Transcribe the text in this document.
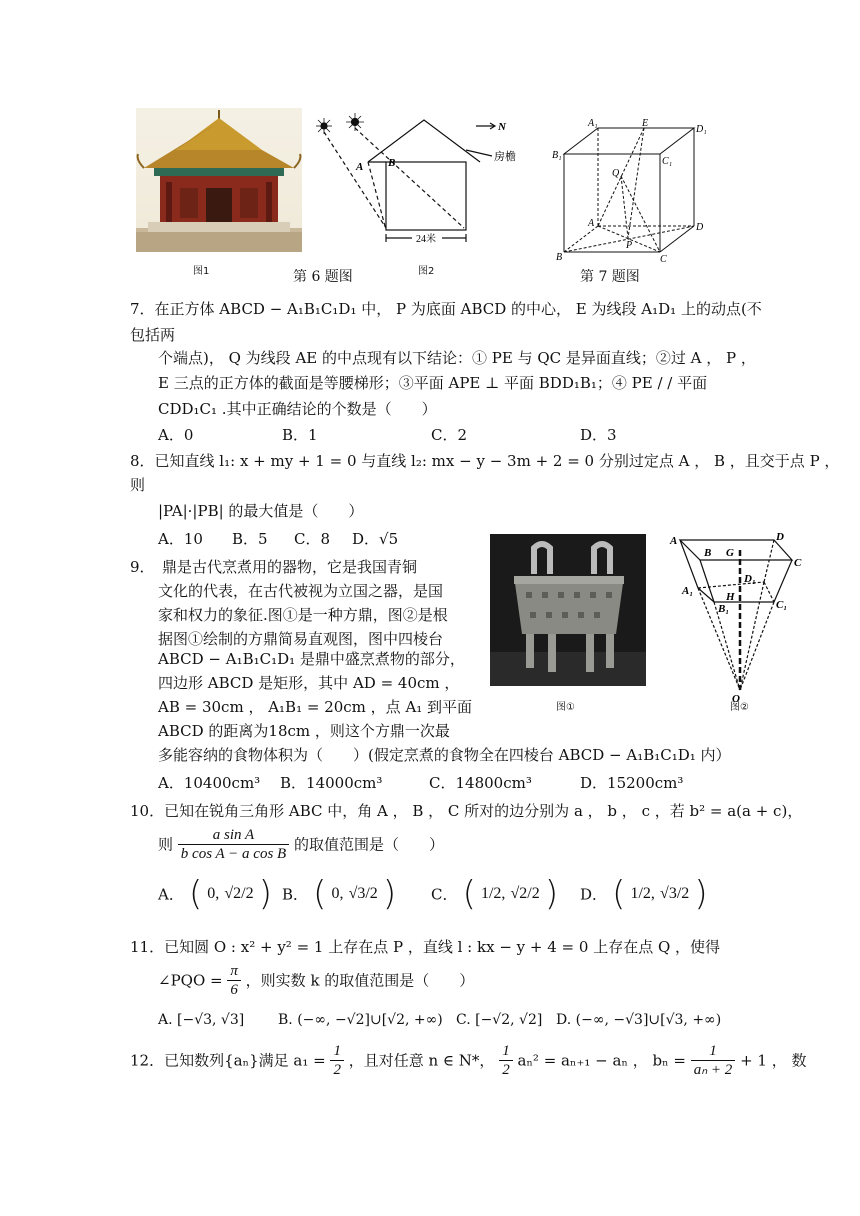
图1
N
房檐
A B
24米
图2
第 6 题图
A₁	E
D₁
B₁
C₁
Q
A	D
B
P
C
第 7 题图
7．在正方体 ABCD − A₁B₁C₁D₁ 中， P 为底面 ABCD 的中心， E 为线段 A₁D₁ 上的动点(不
包括两
个端点)， Q 为线段 AE 的中点现有以下结论：① PE 与 QC 是异面直线；②过 A ， P ，
E 三点的正方体的截面是等腰梯形；③平面 APE ⊥ 平面 BDD₁B₁；④ PE / / 平面
CDD₁C₁ .其中正确结论的个数是（　　）
A．0	B．1	C．2	D．3
8．已知直线 l₁: x + my + 1 = 0 与直线 l₂: mx − y − 3m + 2 = 0 分别过定点 A ， B ，且交于点 P ，
则
|PA|·|PB| 的最大值是（　　）
A．10 B．5 C．8 D．√5
9．　鼎是古代烹煮用的器物，它是我国青铜
文化的代表，在古代被视为立国之器，是国
家和权力的象征.图①是一种方鼎，图②是根
据图①绘制的方鼎简易直观图，图中四棱台
ABCD − A₁B₁C₁D₁ 是鼎中盛烹煮物的部分，
四边形 ABCD 是矩形，其中 AD = 40cm ，
AB = 30cm ， A₁B₁ = 20cm ，点 A₁ 到平面
ABCD 的距离为18cm ，则这个方鼎一次最
多能容纳的食物体积为（　　）(假定烹煮的食物全在四棱台 ABCD − A₁B₁C₁D₁ 内）
A．10400cm³ B．14000cm³	C．14800cm³	D．15200cm³
图①
A	D
B G
C
D₁
A₁	H
B₁	C₁
O
图②
10．已知在锐角三角形 ABC 中，角 A ， B ， C 所对的边分别为 a ， b ， c ，若 b² = a(a + c)，
则 $\frac{\text{a sin A}}{\text{b cos A − a cos B}}$ 的取值范围是（　　）
A． ( 0, √2/2 ) B． ( 0, √3/2 ) C． ( 1/2, √2/2 ) D． ( 1/2, √3/2 )
11．已知圆 O : x² + y² = 1 上存在点 P ，直线 l : kx − y + 4 = 0 上存在点 Q ，使得
∠PQO = $\frac{\pi}{6}$ ，则实数 k 的取值范围是（　　）
A. [−√3, √3] B. (−∞, −√2]∪[√2, +∞) C. [−√2, √2] D. (−∞, −√3]∪[√3, +∞)
12．已知数列{aₙ}满足 $a_1 = \frac{1}{2}$ ，且对任意 n ∈ N*， $\frac{1}{2} a_n^2 = a_{n+1} - a_n$ ， $b_n = \frac{1}{\text{aₙ + 2}} + 1$ ， 数
